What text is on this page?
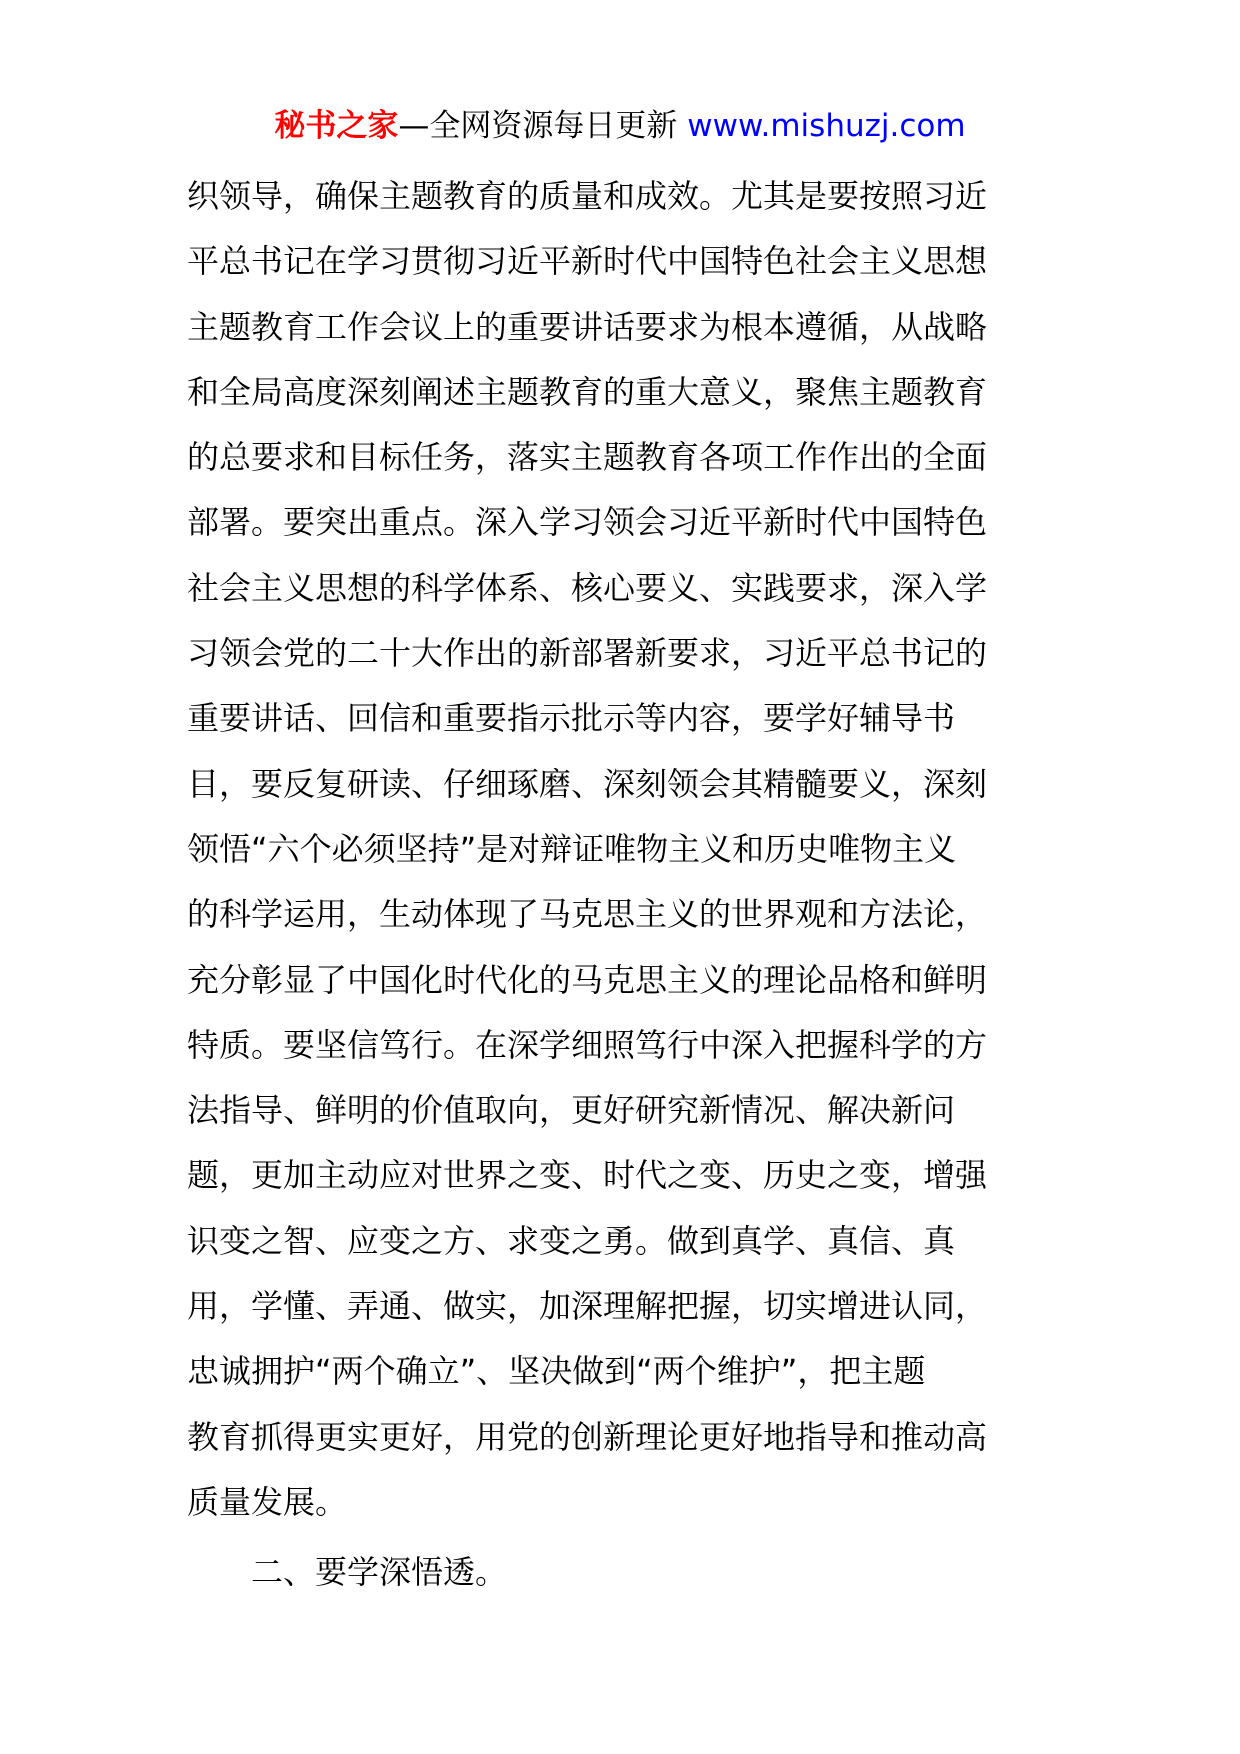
秘书之家—全网资源每日更新 www.mishuzj.com
织领导，确保主题教育的质量和成效。尤其是要按照习近
平总书记在学习贯彻习近平新时代中国特色社会主义思想
主题教育工作会议上的重要讲话要求为根本遵循，从战略
和全局高度深刻阐述主题教育的重大意义，聚焦主题教育
的总要求和目标任务，落实主题教育各项工作作出的全面
部署。要突出重点。深入学习领会习近平新时代中国特色
社会主义思想的科学体系、核心要义、实践要求，深入学
习领会党的二十大作出的新部署新要求，习近平总书记的
重要讲话、回信和重要指示批示等内容，要学好辅导书
目，要反复研读、仔细琢磨、深刻领会其精髓要义，深刻
领悟“六个必须坚持”是对辩证唯物主义和历史唯物主义
的科学运用，生动体现了马克思主义的世界观和方法论，
充分彰显了中国化时代化的马克思主义的理论品格和鲜明
特质。要坚信笃行。在深学细照笃行中深入把握科学的方
法指导、鲜明的价值取向，更好研究新情况、解决新问
题，更加主动应对世界之变、时代之变、历史之变，增强
识变之智、应变之方、求变之勇。做到真学、真信、真
用，学懂、弄通、做实，加深理解把握，切实增进认同，
忠诚拥护“两个确立”、坚决做到“两个维护”，把主题
教育抓得更实更好，用党的创新理论更好地指导和推动高
质量发展。
二、要学深悟透。
